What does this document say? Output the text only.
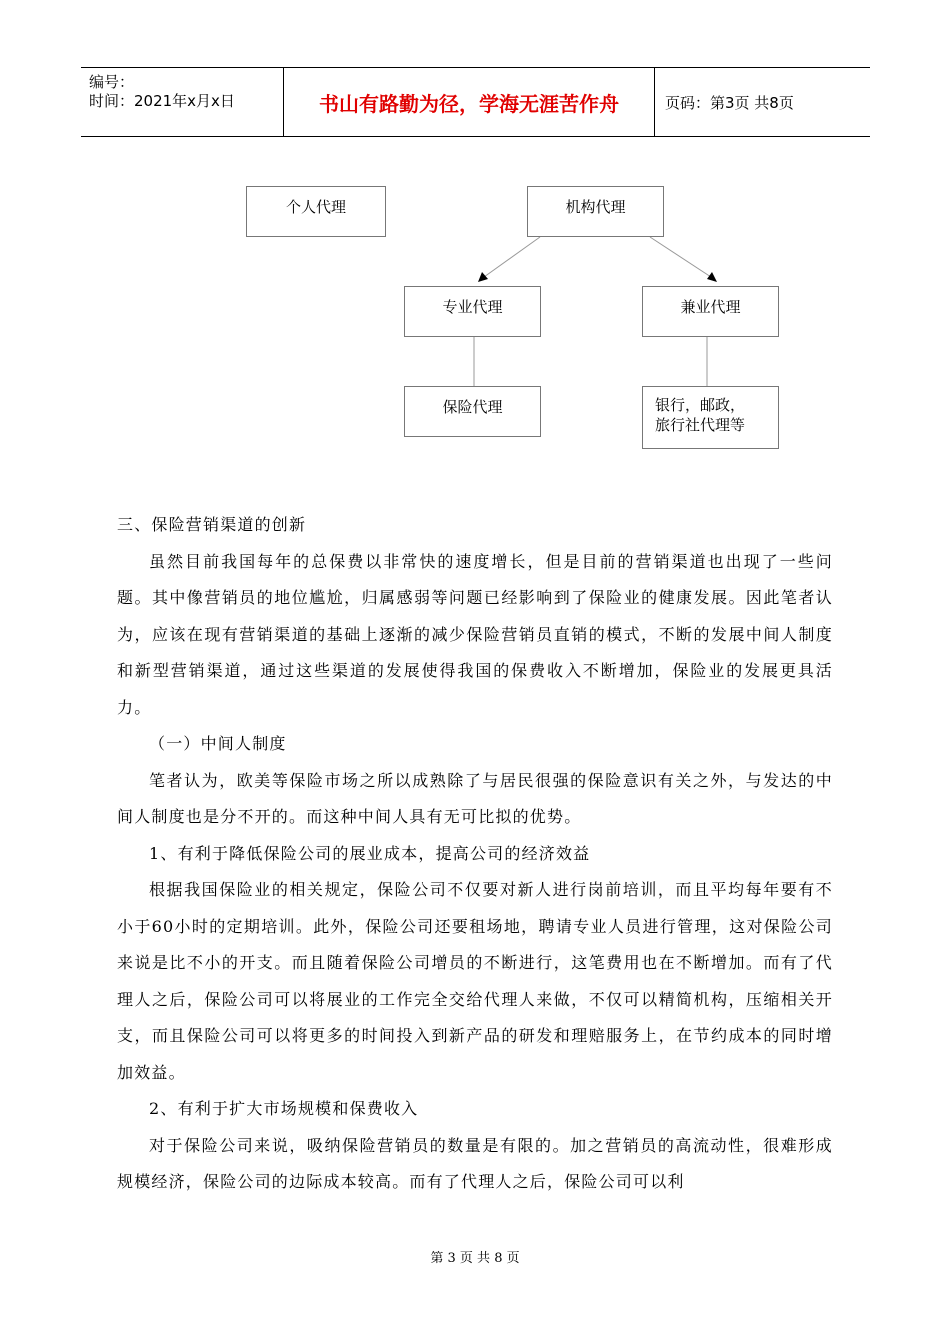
编号：
时间：2021年x月x日	书山有路勤为径，学海无涯苦作舟	页码：第3页 共8页
个人代理	机构代理
专业代理	兼业代理
保险代理	银行，邮政，
旅行社代理等

三、保险营销渠道的创新

虽然目前我国每年的总保费以非常快的速度增长，但是目前的营销渠道也出现了一些问题。其中像营销员的地位尴尬，归属感弱等问题已经影响到了保险业的健康发展。因此笔者认为，应该在现有营销渠道的基础上逐渐的减少保险营销员直销的模式，不断的发展中间人制度和新型营销渠道，通过这些渠道的发展使得我国的保费收入不断增加，保险业的发展更具活力。

（一）中间人制度

笔者认为，欧美等保险市场之所以成熟除了与居民很强的保险意识有关之外，与发达的中间人制度也是分不开的。而这种中间人具有无可比拟的优势。

1、有利于降低保险公司的展业成本，提高公司的经济效益

根据我国保险业的相关规定，保险公司不仅要对新人进行岗前培训，而且平均每年要有不小于60小时的定期培训。此外，保险公司还要租场地，聘请专业人员进行管理，这对保险公司来说是比不小的开支。而且随着保险公司增员的不断进行，这笔费用也在不断增加。而有了代理人之后，保险公司可以将展业的工作完全交给代理人来做，不仅可以精简机构，压缩相关开支，而且保险公司可以将更多的时间投入到新产品的研发和理赔服务上，在节约成本的同时增加效益。

2、有利于扩大市场规模和保费收入

对于保险公司来说，吸纳保险营销员的数量是有限的。加之营销员的高流动性，很难形成规模经济，保险公司的边际成本较高。而有了代理人之后，保险公司可以利

第 3 页 共 8 页
